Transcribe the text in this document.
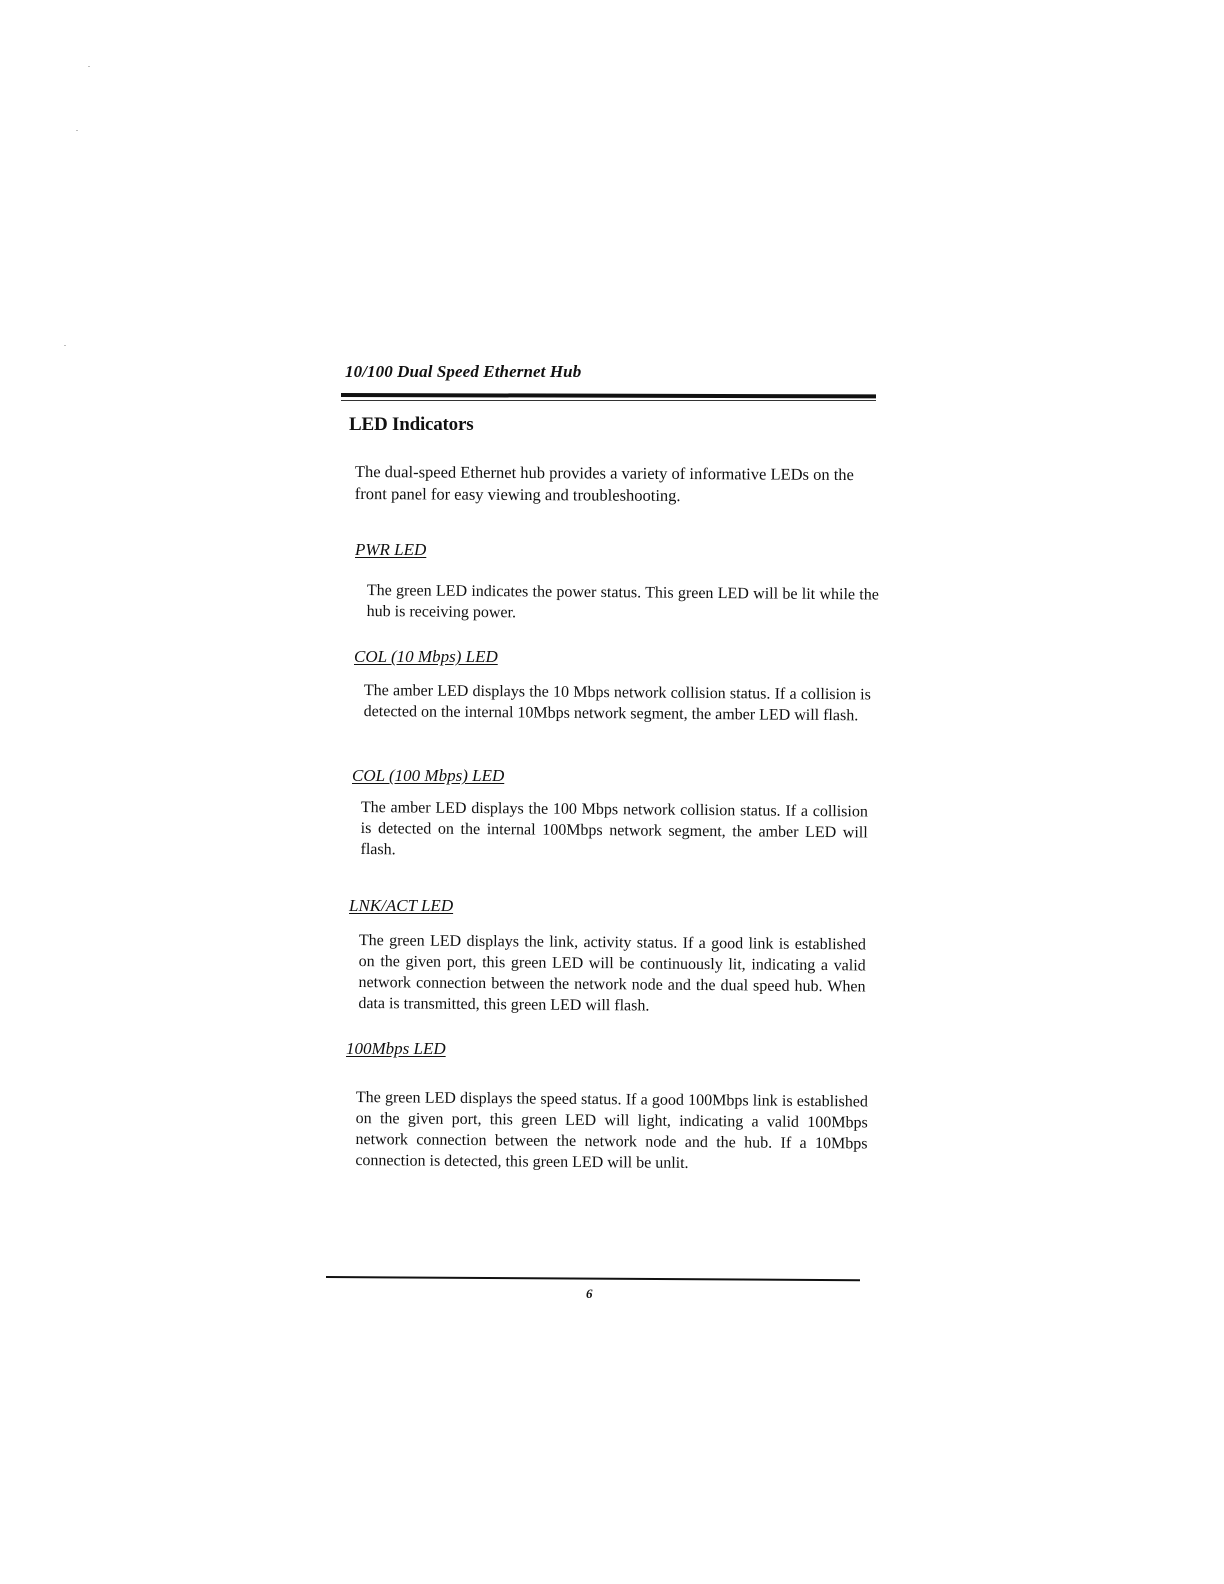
10/100 Dual Speed Ethernet Hub
LED Indicators
The dual-speed Ethernet hub provides a variety of informative LEDs on the front panel for easy viewing and troubleshooting.
PWR LED
The green LED indicates the power status. This green LED will be lit while the hub is receiving power.
COL (10 Mbps) LED
The amber LED displays the 10 Mbps network collision status. If a collision is detected on the internal 10Mbps network segment, the amber LED will flash.
COL (100 Mbps) LED
The amber LED displays the 100 Mbps network collision status. If a collision is detected on the internal 100Mbps network segment, the amber LED will flash.
LNK/ACT LED
The green LED displays the link, activity status. If a good link is established on the given port, this green LED will be continuously lit, indicating a valid network connection between the network node and the dual speed hub. When data is transmitted, this green LED will flash.
100Mbps LED
The green LED displays the speed status. If a good 100Mbps link is established on the given port, this green LED will light, indicating a valid 100Mbps network connection between the network node and the hub. If a 10Mbps connection is detected, this green LED will be unlit.
6
